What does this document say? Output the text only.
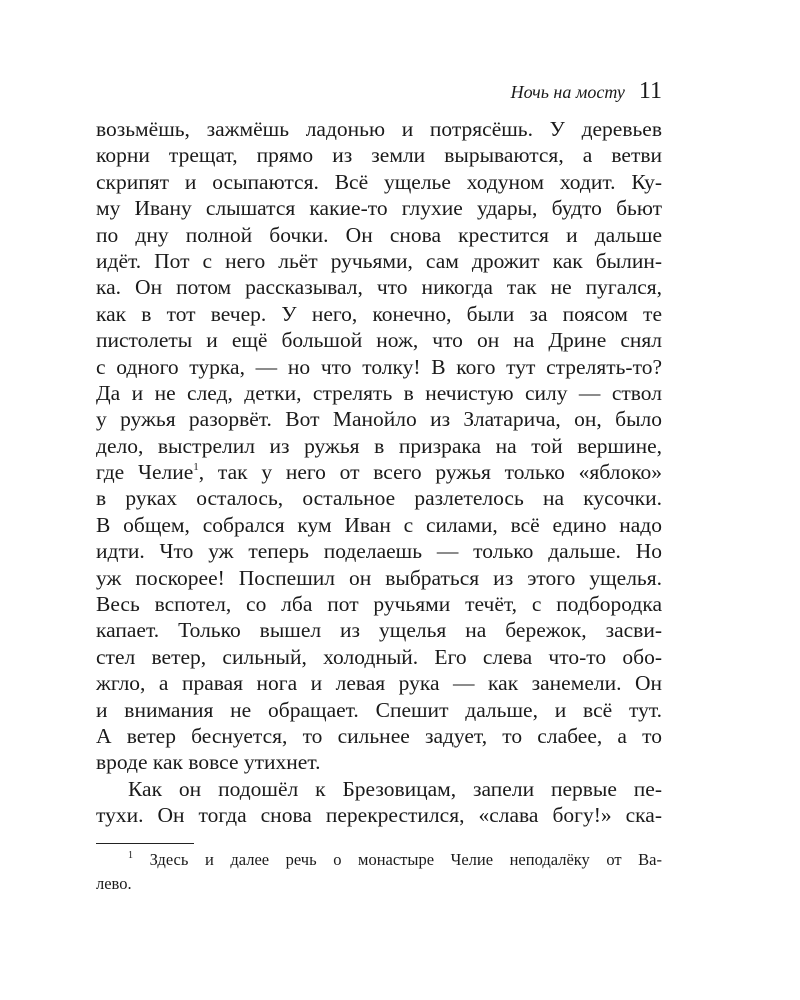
Ночь на мосту 11
возьмёшь, зажмёшь ладонью и потрясёшь. У деревьев
корни трещат, прямо из земли вырываются, а ветви
скрипят и осыпаются. Всё ущелье ходуном ходит. Ку-
му Ивану слышатся какие-то глухие удары, будто бьют
по дну полной бочки. Он снова крестится и дальше
идёт. Пот с него льёт ручьями, сам дрожит как былин-
ка. Он потом рассказывал, что никогда так не пугался,
как в тот вечер. У него, конечно, были за поясом те
пистолеты и ещё большой нож, что он на Дрине снял
с одного турка, — но что толку! В кого тут стрелять-то?
Да и не след, детки, стрелять в нечистую силу — ствол
у ружья разорвёт. Вот Манойло из Златарича, он, было
дело, выстрелил из ружья в призрака на той вершине,
где Челие$^1$, так у него от всего ружья только «яблоко»
в руках осталось, остальное разлетелось на кусочки.
В общем, собрался кум Иван с силами, всё едино надо
идти. Что уж теперь поделаешь — только дальше. Но
уж поскорее! Поспешил он выбраться из этого ущелья.
Весь вспотел, со лба пот ручьями течёт, с подбородка
капает. Только вышел из ущелья на бережок, засви-
стел ветер, сильный, холодный. Его слева что-то обо-
жгло, а правая нога и левая рука — как занемели. Он
и внимания не обращает. Спешит дальше, и всё тут.
А ветер беснуется, то сильнее задует, то слабее, а то
вроде как вовсе утихнет.
Как он подошёл к Брезовицам, запели первые пе-
тухи. Он тогда снова перекрестился, «слава богу!» ска-
$^1$ Здесь и далее речь о монастыре Челие неподалёку от Ва-
лево.
